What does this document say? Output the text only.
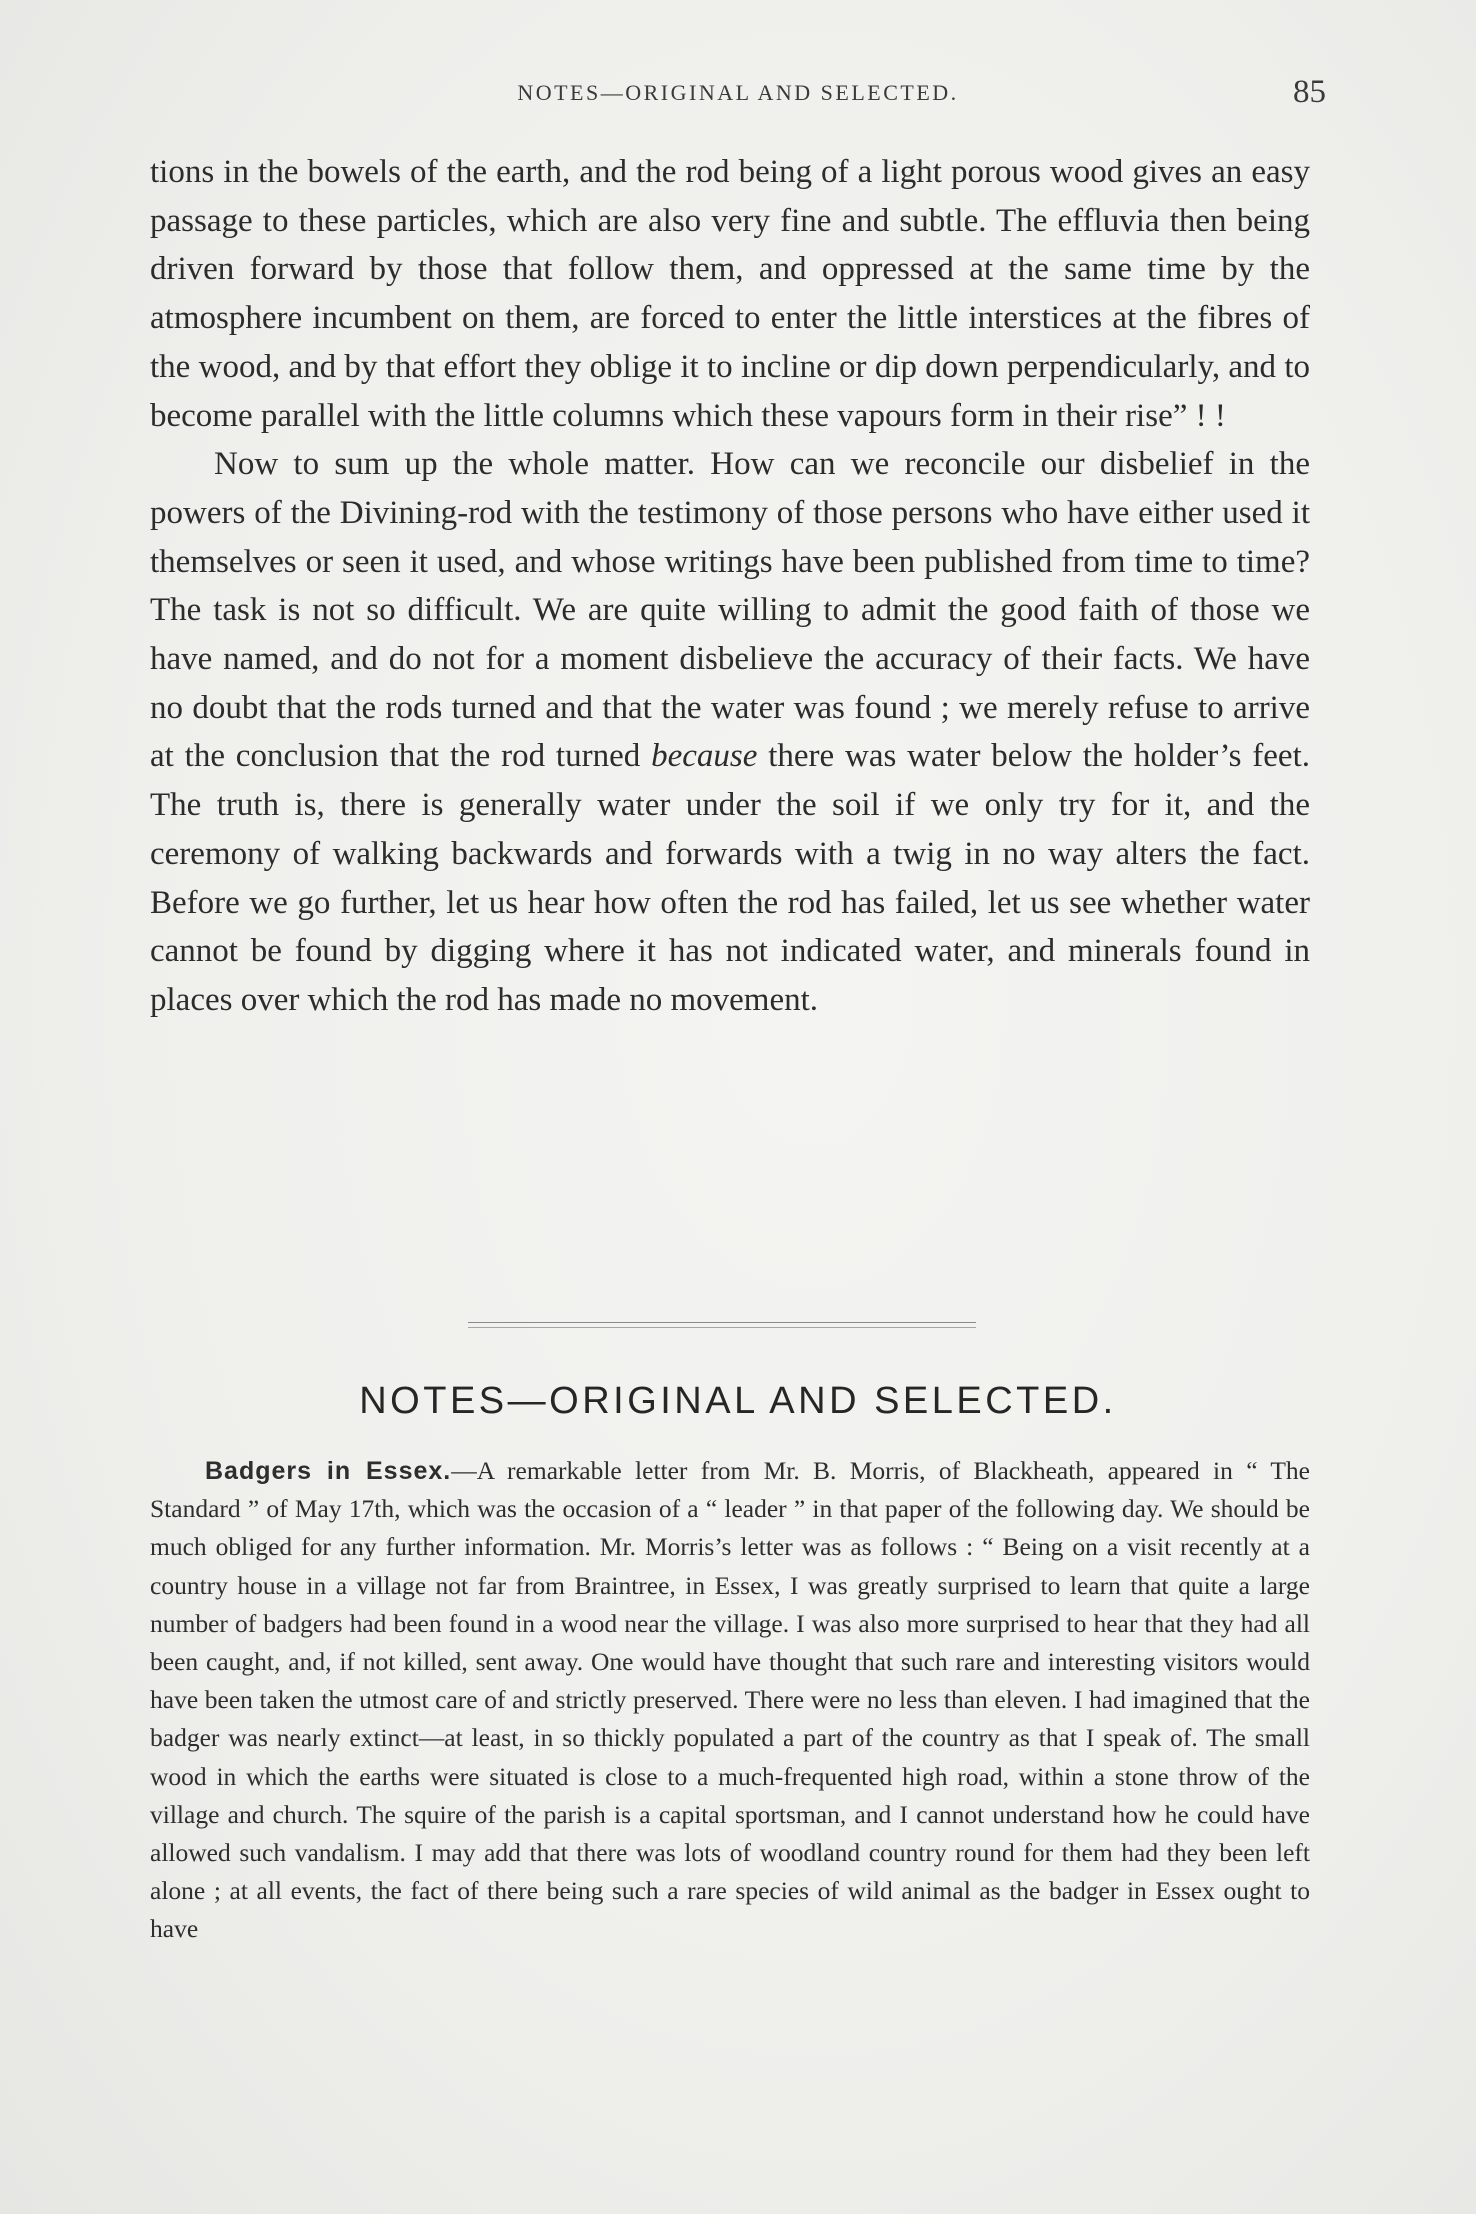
NOTES—ORIGINAL AND SELECTED.	85

tions in the bowels of the earth, and the rod being of a light porous wood gives an easy passage to these particles, which are also very fine and subtle. The effluvia then being driven forward by those that follow them, and oppressed at the same time by the atmosphere incumbent on them, are forced to enter the little interstices at the fibres of the wood, and by that effort they oblige it to incline or dip down perpendicularly, and to become parallel with the little columns which these vapours form in their rise” ! !

Now to sum up the whole matter. How can we reconcile our disbelief in the powers of the Divining-rod with the testimony of those persons who have either used it themselves or seen it used, and whose writings have been published from time to time? The task is not so difficult. We are quite willing to admit the good faith of those we have named, and do not for a moment disbelieve the accuracy of their facts. We have no doubt that the rods turned and that the water was found ; we merely refuse to arrive at the conclusion that the rod turned because there was water below the holder’s feet. The truth is, there is generally water under the soil if we only try for it, and the ceremony of walking backwards and forwards with a twig in no way alters the fact. Before we go further, let us hear how often the rod has failed, let us see whether water cannot be found by digging where it has not indicated water, and minerals found in places over which the rod has made no movement.

NOTES—ORIGINAL AND SELECTED.

Badgers in Essex.—A remarkable letter from Mr. B. Morris, of Blackheath, appeared in “ The Standard ” of May 17th, which was the occasion of a “ leader ” in that paper of the following day. We should be much obliged for any further information. Mr. Morris’s letter was as follows : “ Being on a visit recently at a country house in a village not far from Braintree, in Essex, I was greatly surprised to learn that quite a large number of badgers had been found in a wood near the village. I was also more surprised to hear that they had all been caught, and, if not killed, sent away. One would have thought that such rare and interesting visitors would have been taken the utmost care of and strictly preserved. There were no less than eleven. I had imagined that the badger was nearly extinct—at least, in so thickly populated a part of the country as that I speak of. The small wood in which the earths were situated is close to a much-frequented high road, within a stone throw of the village and church. The squire of the parish is a capital sportsman, and I cannot understand how he could have allowed such vandalism. I may add that there was lots of woodland country round for them had they been left alone ; at all events, the fact of there being such a rare species of wild animal as the badger in Essex ought to have
